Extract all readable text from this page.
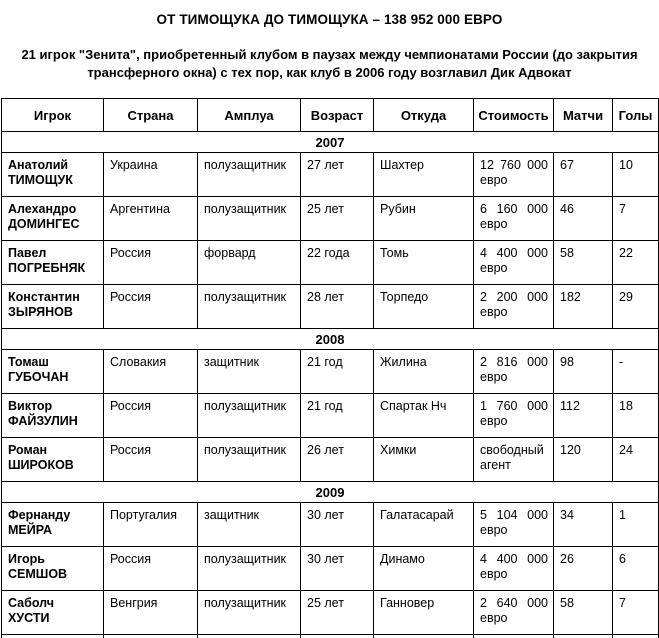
ОТ ТИМОЩУКА ДО ТИМОЩУКА – 138 952 000 ЕВРО
21 игрок "Зенита", приобретенный клубом в паузах между чемпионатами России (до закрытия трансферного окна) с тех пор, как клуб в 2006 году возглавил Дик Адвокат
Игрок	Страна	Амплуа	Возраст	Откуда	Стоимость	Матчи	Голы
2007							
Анатолий
ТИМОЩУК	Украина	полузащитник	27 лет	Шахтер	12 760 000 евро	67	10
Алехандро
ДОМИНГЕС	Аргентина	полузащитник	25 лет	Рубин	6 160 000 евро	46	7
Павел
ПОГРЕБНЯК	Россия	форвард	22 года	Томь	4 400 000 евро	58	22
Константин
ЗЫРЯНОВ	Россия	полузащитник	28 лет	Торпедо	2 200 000 евро	182	29
2008							
Томаш
ГУБОЧАН	Словакия	защитник	21 год	Жилина	2 816 000 евро	98	-
Виктор
ФАЙЗУЛИН	Россия	полузащитник	21 год	Спартак Нч	1 760 000 евро	112	18
Роман
ШИРОКОВ	Россия	полузащитник	26 лет	Химки	свободный агент	120	24
2009							
Фернанду
МЕЙРА	Португалия	защитник	30 лет	Галатасарай	5 104 000 евро	34	1
Игорь
СЕМШОВ	Россия	полузащитник	30 лет	Динамо	4 400 000 евро	26	6
Саболч
ХУСТИ	Венгрия	полузащитник	25 лет	Ганновер	2 640 000 евро	58	7
